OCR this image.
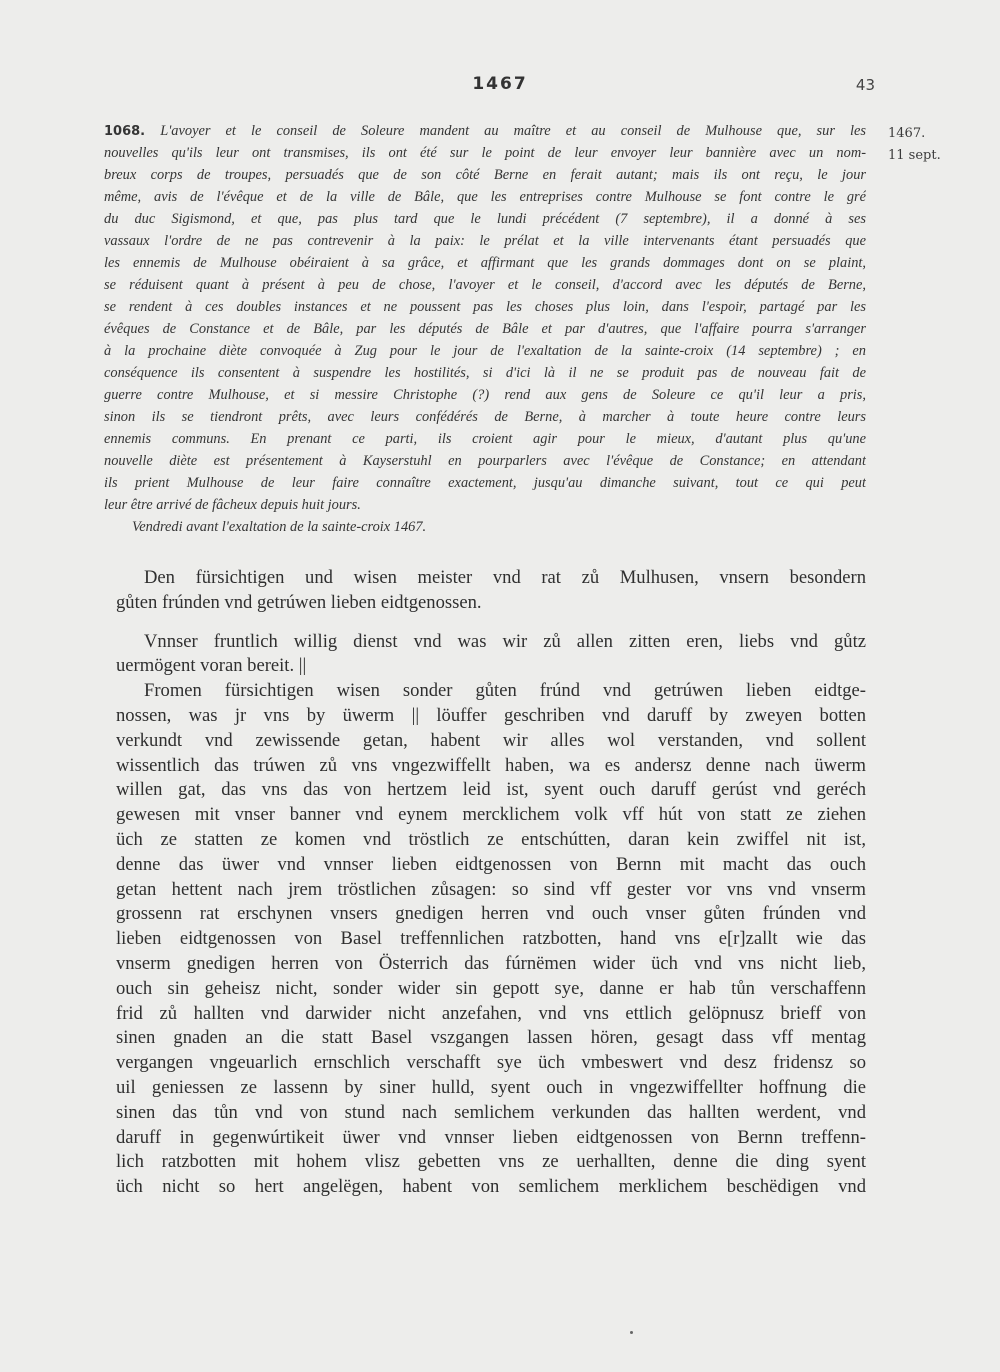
1467	43
1467.
11 sept.
1068. L'avoyer et le conseil de Soleure mandent au maître et au conseil de Mulhouse que, sur les
nouvelles qu'ils leur ont transmises, ils ont été sur le point de leur envoyer leur bannière avec un nom-
breux corps de troupes, persuadés que de son côté Berne en ferait autant; mais ils ont reçu, le jour
même, avis de l'évêque et de la ville de Bâle, que les entreprises contre Mulhouse se font contre le gré
du duc Sigismond, et que, pas plus tard que le lundi précédent (7 septembre), il a donné à ses
vassaux l'ordre de ne pas contrevenir à la paix: le prélat et la ville intervenants étant persuadés que
les ennemis de Mulhouse obéiraient à sa grâce, et affirmant que les grands dommages dont on se plaint,
se réduisent quant à présent à peu de chose, l'avoyer et le conseil, d'accord avec les députés de Berne,
se rendent à ces doubles instances et ne poussent pas les choses plus loin, dans l'espoir, partagé par les
évêques de Constance et de Bâle, par les députés de Bâle et par d'autres, que l'affaire pourra s'arranger
à la prochaine diète convoquée à Zug pour le jour de l'exaltation de la sainte-croix (14 septembre) ; en
conséquence ils consentent à suspendre les hostilités, si d'ici là il ne se produit pas de nouveau fait de
guerre contre Mulhouse, et si messire Christophe (?) rend aux gens de Soleure ce qu'il leur a pris,
sinon ils se tiendront prêts, avec leurs confédérés de Berne, à marcher à toute heure contre leurs
ennemis communs. En prenant ce parti, ils croient agir pour le mieux, d'autant plus qu'une
nouvelle diète est présentement à Kayserstuhl en pourparlers avec l'évêque de Constance; en attendant
ils prient Mulhouse de leur faire connaître exactement, jusqu'au dimanche suivant, tout ce qui peut
leur être arrivé de fâcheux depuis huit jours.
Vendredi avant l'exaltation de la sainte-croix 1467.
Den fürsichtigen und wisen meister vnd rat zů Mulhusen, vnsern besondern
gůten frúnden vnd getrúwen lieben eidtgenossen.
Vnnser fruntlich willig dienst vnd was wir zů allen zitten eren, liebs vnd gůtz
uermögent voran bereit. ||
Fromen fürsichtigen wisen sonder gůten frúnd vnd getrúwen lieben eidtge-
nossen, was jr vns by üwerm || löuffer geschriben vnd daruff by zweyen botten
verkundt vnd zewissende getan, habent wir alles wol verstanden, vnd sollent
wissentlich das trúwen zů vns vngezwiffellt haben, wa es andersz denne nach üwerm
willen gat, das vns das von hertzem leid ist, syent ouch daruff gerúst vnd geréch
gewesen mit vnser banner vnd eynem mercklichem volk vff hút von statt ze ziehen
üch ze statten ze komen vnd tröstlich ze entschútten, daran kein zwiffel nit ist,
denne das üwer vnd vnnser lieben eidtgenossen von Bernn mit macht das ouch
getan hettent nach jrem tröstlichen zůsagen: so sind vff gester vor vns vnd vnserm
grossenn rat erschynen vnsers gnedigen herren vnd ouch vnser gůten frúnden vnd
lieben eidtgenossen von Basel treffennlichen ratzbotten, hand vns e[r]zallt wie das
vnserm gnedigen herren von Österrich das fúrnëmen wider üch vnd vns nicht lieb,
ouch sin geheisz nicht, sonder wider sin gepott sye, danne er hab tůn verschaffenn
frid zů hallten vnd darwider nicht anzefahen, vnd vns ettlich gelöpnusz brieff von
sinen gnaden an die statt Basel vszgangen lassen hören, gesagt dass vff mentag
vergangen vngeuarlich ernschlich verschafft sye üch vmbeswert vnd desz fridensz so
uil geniessen ze lassenn by siner hulld, syent ouch in vngezwiffellter hoffnung die
sinen das tůn vnd von stund nach semlichem verkunden das hallten werdent, vnd
daruff in gegenwúrtikeit üwer vnd vnnser lieben eidtgenossen von Bernn treffenn-
lich ratzbotten mit hohem vlisz gebetten vns ze uerhallten, denne die ding syent
üch nicht so hert angelëgen, habent von semlichem merklichem beschëdigen vnd
